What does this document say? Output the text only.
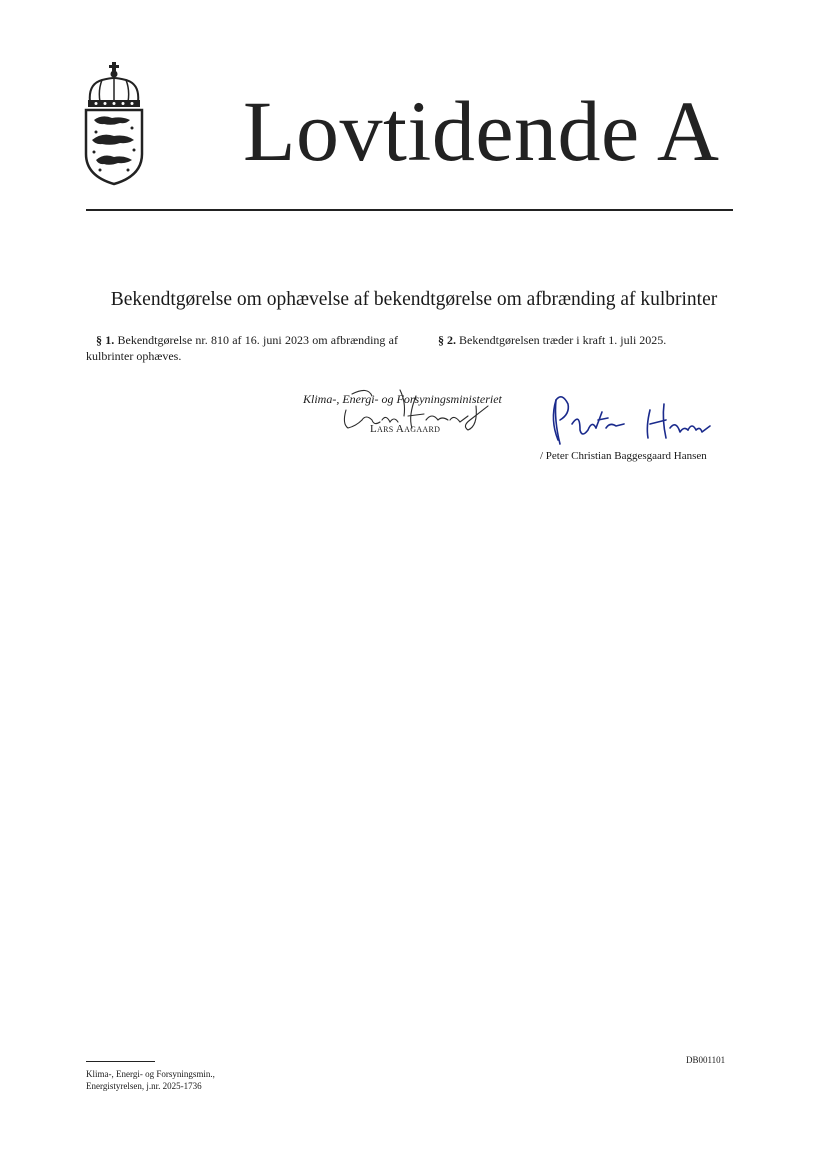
Lovtidende A
Bekendtgørelse om ophævelse af bekendtgørelse om afbrænding af kulbrinter
§ 1. Bekendtgørelse nr. 810 af 16. juni 2023 om afbrænding af kulbrinter ophæves.
§ 2. Bekendtgørelsen træder i kraft 1. juli 2025.
Klima-, Energi- og Forsyningsministeriet
Lars Aagaard
/ Peter Christian Baggesgaard Hansen
Klima-, Energi- og Forsyningsmin.,
Energistyrelsen, j.nr. 2025-1736
DB001101
